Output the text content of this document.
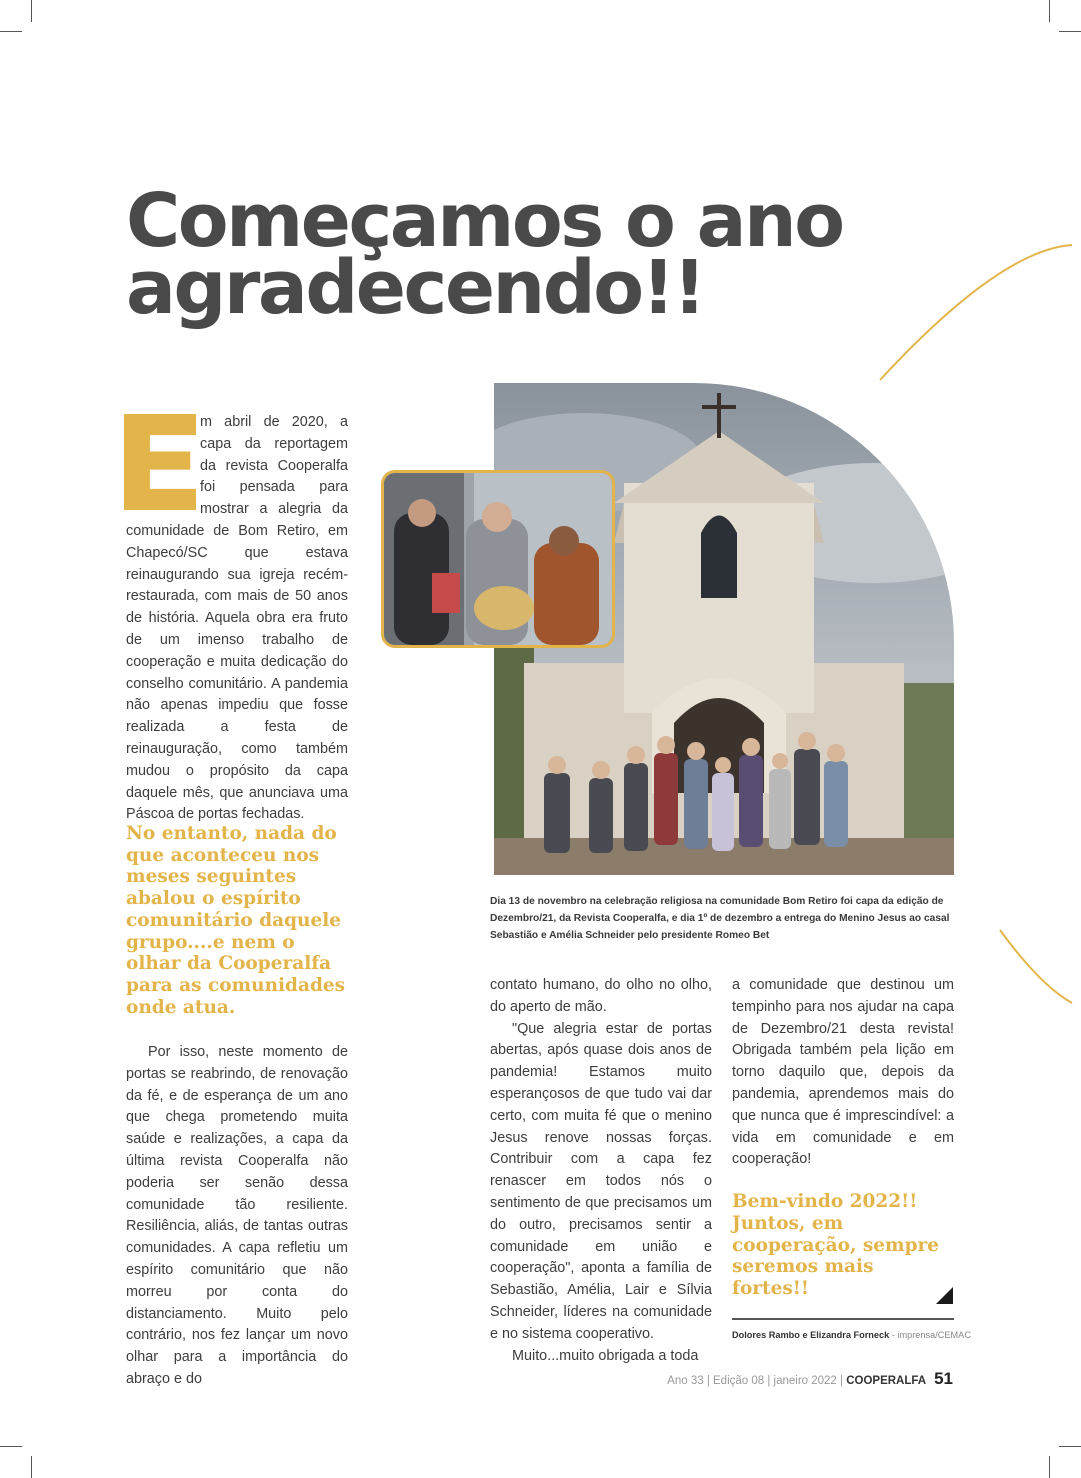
Começamos o ano
agradecendo!!

m abril de 2020, a capa da reportagem da revista Cooperalfa foi pensada para mostrar a alegria da comunidade de Bom Retiro, em Chapecó/SC que estava reinaugurando sua igreja recém-restaurada, com mais de 50 anos de história. Aquela obra era fruto de um imenso trabalho de cooperação e muita dedicação do conselho comunitário. A pandemia não apenas impediu que fosse realizada a festa de reinauguração, como também mudou o propósito da capa daquele mês, que anunciava uma Páscoa de portas fechadas.

No entanto, nada do que aconteceu nos meses seguintes abalou o espírito comunitário daquele grupo....e nem o olhar da Cooperalfa para as comunidades onde atua.

Por isso, neste momento de portas se reabrindo, de renovação da fé, e de esperança de um ano que chega prometendo muita saúde e realizações, a capa da última revista Cooperalfa não poderia ser senão dessa comunidade tão resiliente. Resiliência, aliás, de tantas outras comunidades. A capa refletiu um espírito comunitário que não morreu por conta do distanciamento. Muito pelo contrário, nos fez lançar um novo olhar para a importância do abraço e do

contato humano, do olho no olho, do aperto de mão.

"Que alegria estar de portas abertas, após quase dois anos de pandemia! Estamos muito esperançosos de que tudo vai dar certo, com muita fé que o menino Jesus renove nossas forças. Contribuir com a capa fez renascer em todos nós o sentimento de que precisamos um do outro, precisamos sentir a comunidade em união e cooperação", aponta a família de Sebastião, Amélia, Lair e Sílvia Schneider, líderes na comunidade e no sistema cooperativo.

Muito...muito obrigada a toda

a comunidade que destinou um tempinho para nos ajudar na capa de Dezembro/21 desta revista! Obrigada também pela lição em torno daquilo que, depois da pandemia, aprendemos mais do que nunca que é imprescindível: a vida em comunidade e em cooperação!

Bem-vindo 2022!! Juntos, em cooperação, sempre seremos mais fortes!!

Dia 13 de novembro na celebração religiosa na comunidade Bom Retiro foi capa da edição de Dezembro/21, da Revista Cooperalfa, e dia 1º de dezembro a entrega do Menino Jesus ao casal Sebastião e Amélia Schneider pelo presidente Romeo Bet

Dolores Rambo e Elizandra Forneck - imprensa/CEMAC
Ano 33 | Edição 08 | janeiro 2022 | COOPERALFA 51
